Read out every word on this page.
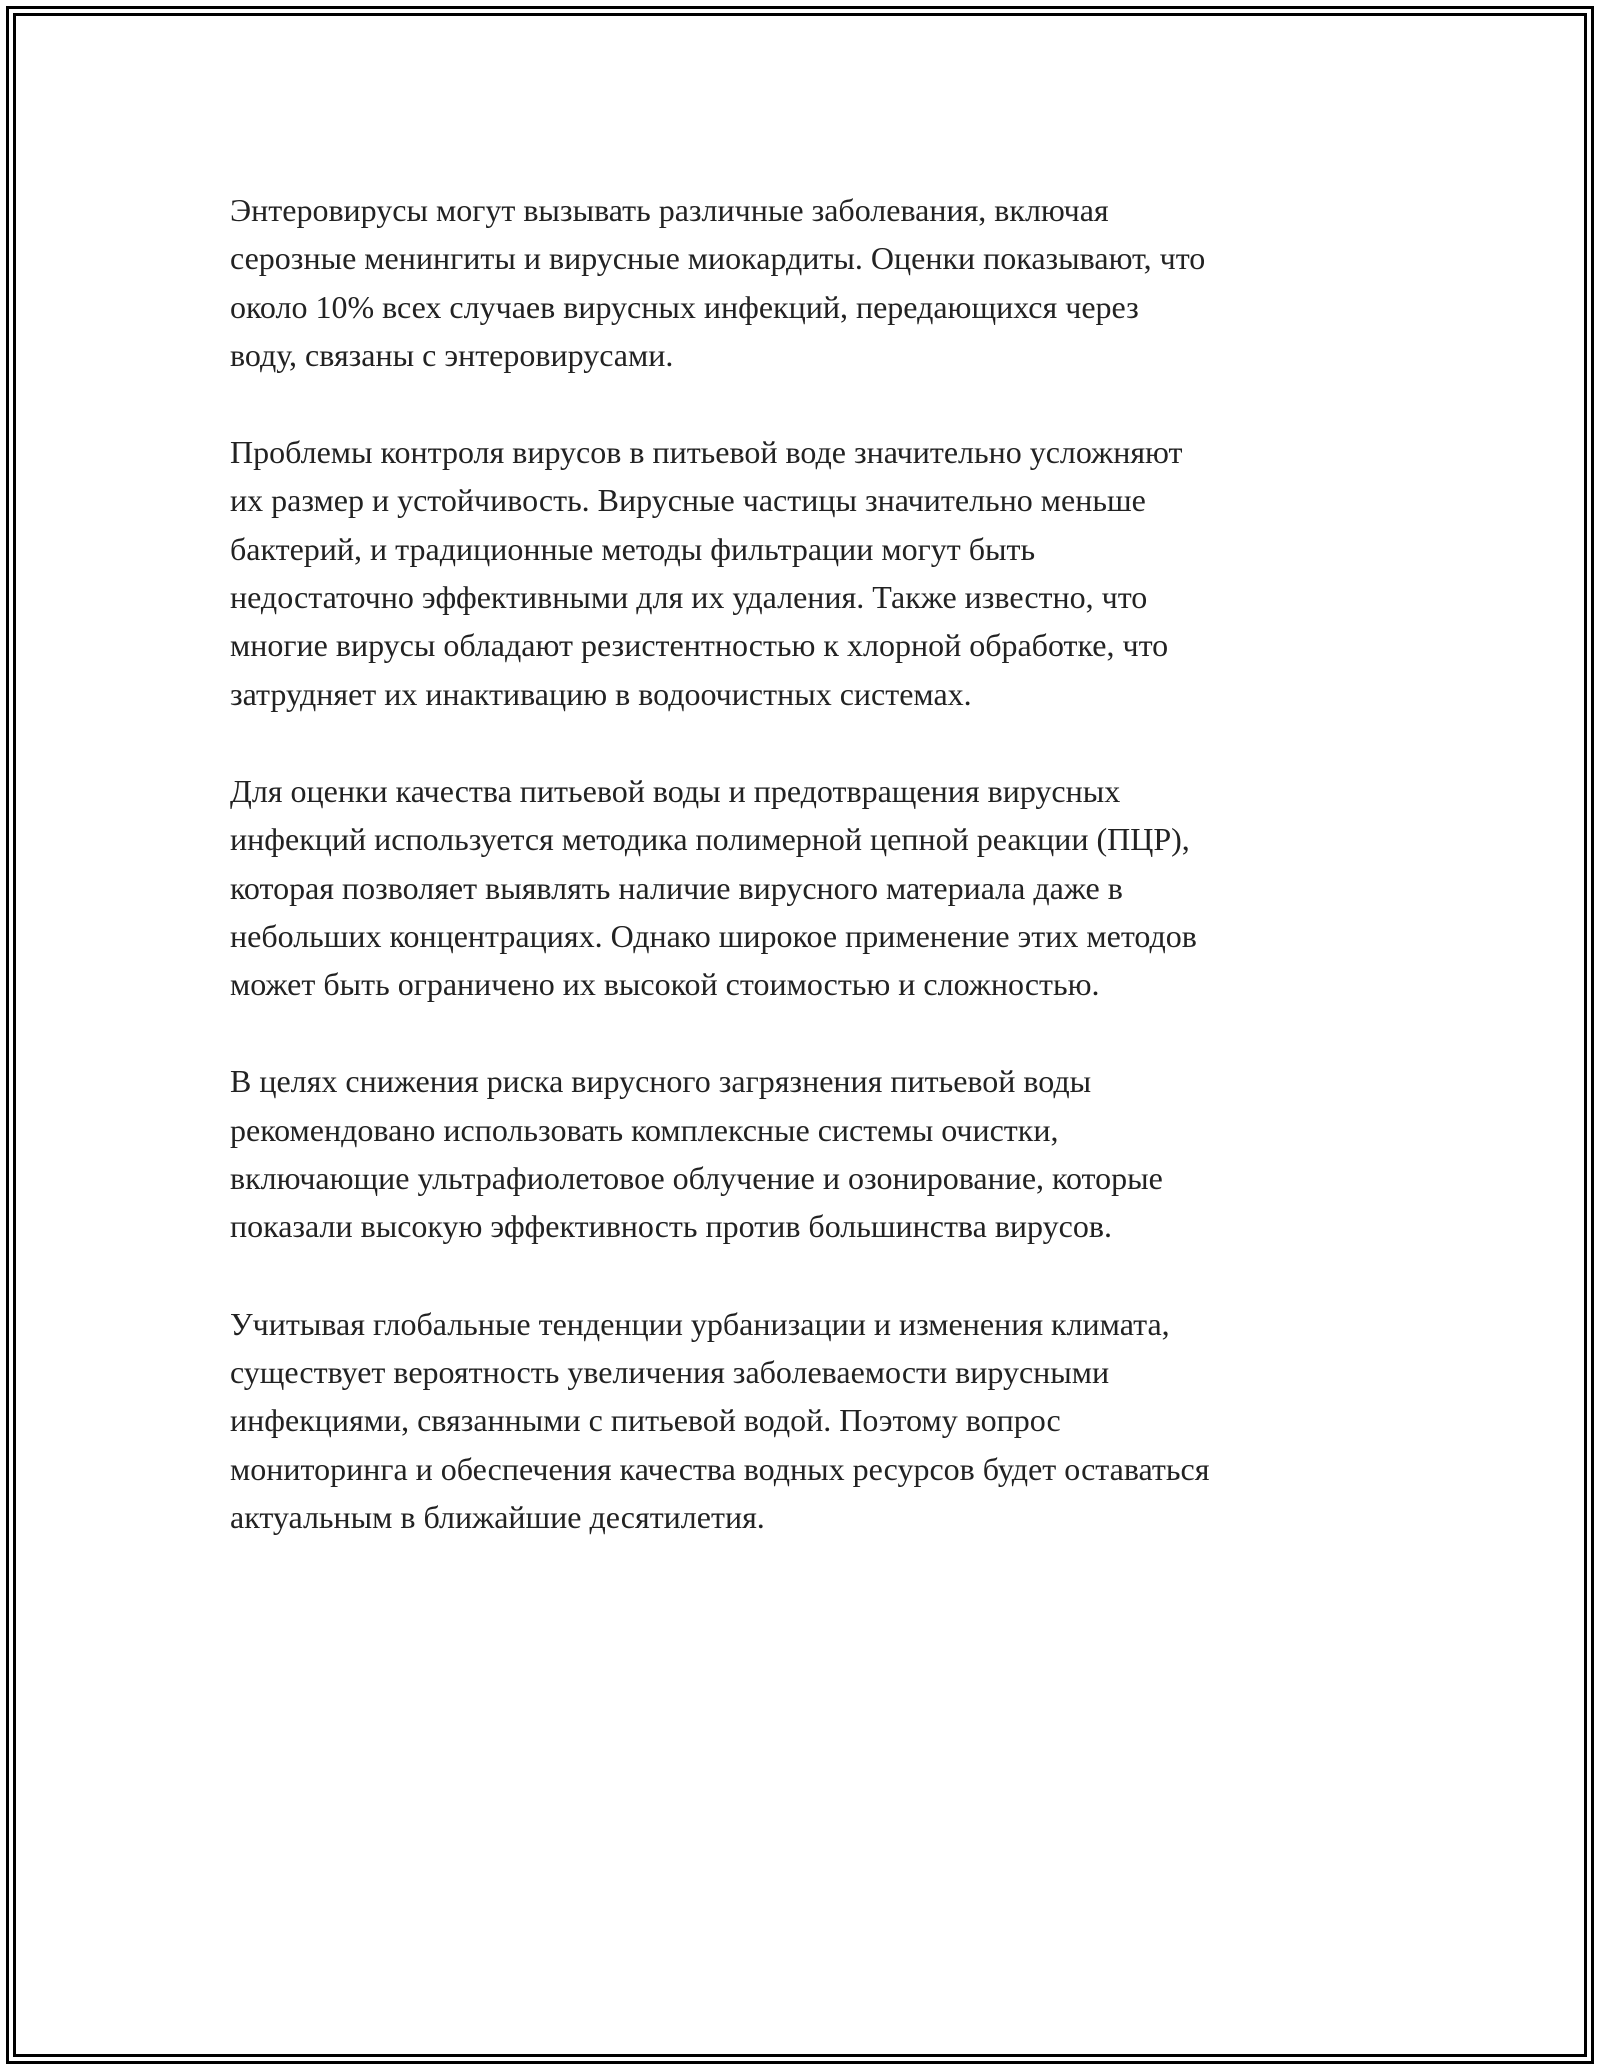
Энтеровирусы могут вызывать различные заболевания, включая
серозные менингиты и вирусные миокардиты. Оценки показывают, что
около 10% всех случаев вирусных инфекций, передающихся через
воду, связаны с энтеровирусами.

Проблемы контроля вирусов в питьевой воде значительно усложняют
их размер и устойчивость. Вирусные частицы значительно меньше
бактерий, и традиционные методы фильтрации могут быть
недостаточно эффективными для их удаления. Также известно, что
многие вирусы обладают резистентностью к хлорной обработке, что
затрудняет их инактивацию в водоочистных системах.

Для оценки качества питьевой воды и предотвращения вирусных
инфекций используется методика полимерной цепной реакции (ПЦР),
которая позволяет выявлять наличие вирусного материала даже в
небольших концентрациях. Однако широкое применение этих методов
может быть ограничено их высокой стоимостью и сложностью.

В целях снижения риска вирусного загрязнения питьевой воды
рекомендовано использовать комплексные системы очистки,
включающие ультрафиолетовое облучение и озонирование, которые
показали высокую эффективность против большинства вирусов.

Учитывая глобальные тенденции урбанизации и изменения климата,
существует вероятность увеличения заболеваемости вирусными
инфекциями, связанными с питьевой водой. Поэтому вопрос
мониторинга и обеспечения качества водных ресурсов будет оставаться
актуальным в ближайшие десятилетия.
